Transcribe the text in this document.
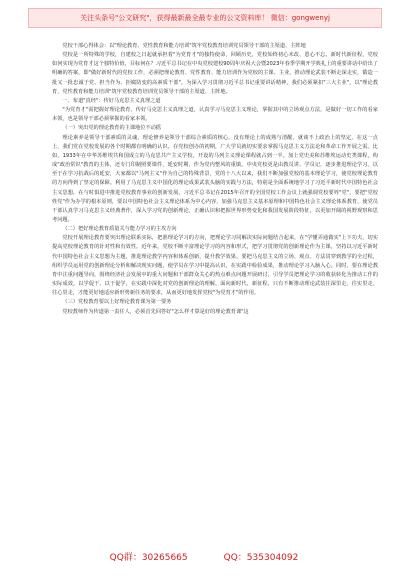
关注头条号"公文研究"，获得最新最全最专业的公文资料库！ 微信：gongwenyj

党校干部心得体会：以"理论教育、党性教育和能力培训"筑牢党校教育培训党员领导干部的主渠道、主阵地

党校是一所特殊的学校，自建校之日起就承担着"为党育才"的独特使命，回顾历史，党校始终初心未改、恩心不忘。新时代新征程，党校如何实现为党育才这个独特价值，目标何在？习近平总书记在中央党校建校90周年庆祝大会暨2023年春季学期开学典礼上的重要讲话中给出了明确的答案，即"做好新时代的党校工作，必须把理论教育、党性教育、能力培训作为党校的主课、主业，推动理论武装不断走深走实，锻造一批又一批忠诚于党、担当作为、拒腐防变的高素质干部"。为深入学习贯彻习近平总书记重要讲话精神，我们必须紧扣"三大主业"，以"理论教育、党性教育和能力培训"筑牢党校教育培训党员领导干部的主渠道、主阵地。

一、布道"真经"：传好马克思主义真理之道

"为党育才"需把握好理论教育，传好马克思主义真理之道，认真学习马克思主义理论，掌握其中的立场观点方法，是做好一切工作的看家本领，也是领导干部必须掌握的看家本领。

（一）突出党的理论教育的主课地位不动摇

理论素养是领导干部素质的灵魂，理论修养是领导干部综合素质的核心。没有理论上的成熟与清醒，就谈不上政治上的坚定。在这一点上，我们党在党校发展的各个时期都有明确的认识。在党校创办的初期，广大学员就切实要求掌握马克思主义方法论和革命工作开展之需。比如，1933年在中华苏维埃共和国成立的马克思共产主义学校，开设的马列主义理论课程就占到一半。加上党史美和苏维埃运动史类课程，构成"政治常识"教育的主体，还专门印制照要课件，延安时期，作为党内整风的重镇，中央党校更是由教员讲、学员记，逐步推进理论学习。以至于在学习抗战后的延安，大家都以"马列主义"作为自己的特殊背景，党的十八大以来，我们不断加强党校的基本理论学习，使党校理论教育的方向得到了坚定的保障。利用了马克思主义中国化的理论成果武装头脑的实践与方法，特别是全面系统地学习了习近平新时代中国特色社会主义思想，在与时俱进中推进党校教育事业的创新发展。习近平总书记在2015年召开的全国党校工作会议上就强调党校要姓"党"，要把"党校姓党"作为办学的根本原则，要以中国特色社会主义理论体系为中心内容，加强马克思主义基本原理和中国特色社会主义理论体系教育，使党员干部认真学习马克思主义经典著作，深入学习党的创新理论，正确认识和把握世界形势变化和我国发展阶段特征，以更加开阔的视野观察和思考问题。

（二）把好理论教育质量关与能力学习的主攻方向

党校开展理论教育要突出理论联系实际，把准理论学习的方向，把理论学习同解决实际问题结合起来，在"学懂弄通做实"上下功夫，切实提高党校理论教育的针对性和有效性。近年来，党校不断丰富理论学习的内容和形式，把学习贯彻党的创新理论作为主课，坚持以习近平新时代中国特色社会主义思想为主题，推进理论教学内容和体系创新，提升教学效果。要把马克思主义的立场、观点、方法贯穿到教学的全过程，组织学员运用党的创新理论分析和解决现实问题，使学员在学习中提高认识，在实践中检验成果，推动理论学习入脑入心。同时，要在理论教育中注重问题导向，围绕经济社会发展中的重大问题和干部群众关心的热点难点问题开展研讨，引导学员把理论学习的收获转化为推动工作的实际成效。以学促干，以干促学，在实践中深化对党的创新理论的理解。面向新时代、新征程，只有不断推动理论武装往深里走、往实里走、往心里走，才能更好地适应新形势新任务的要求，从而更好地发挥党校"为党育才"的作用。

（三）党校教育要以上好理论教育课为第一要务

党校教师作为传道第一责任人，必须首先回答好"怎么样才算是好的理论教育课"这

QQ群：30265665	QQ：535304092
